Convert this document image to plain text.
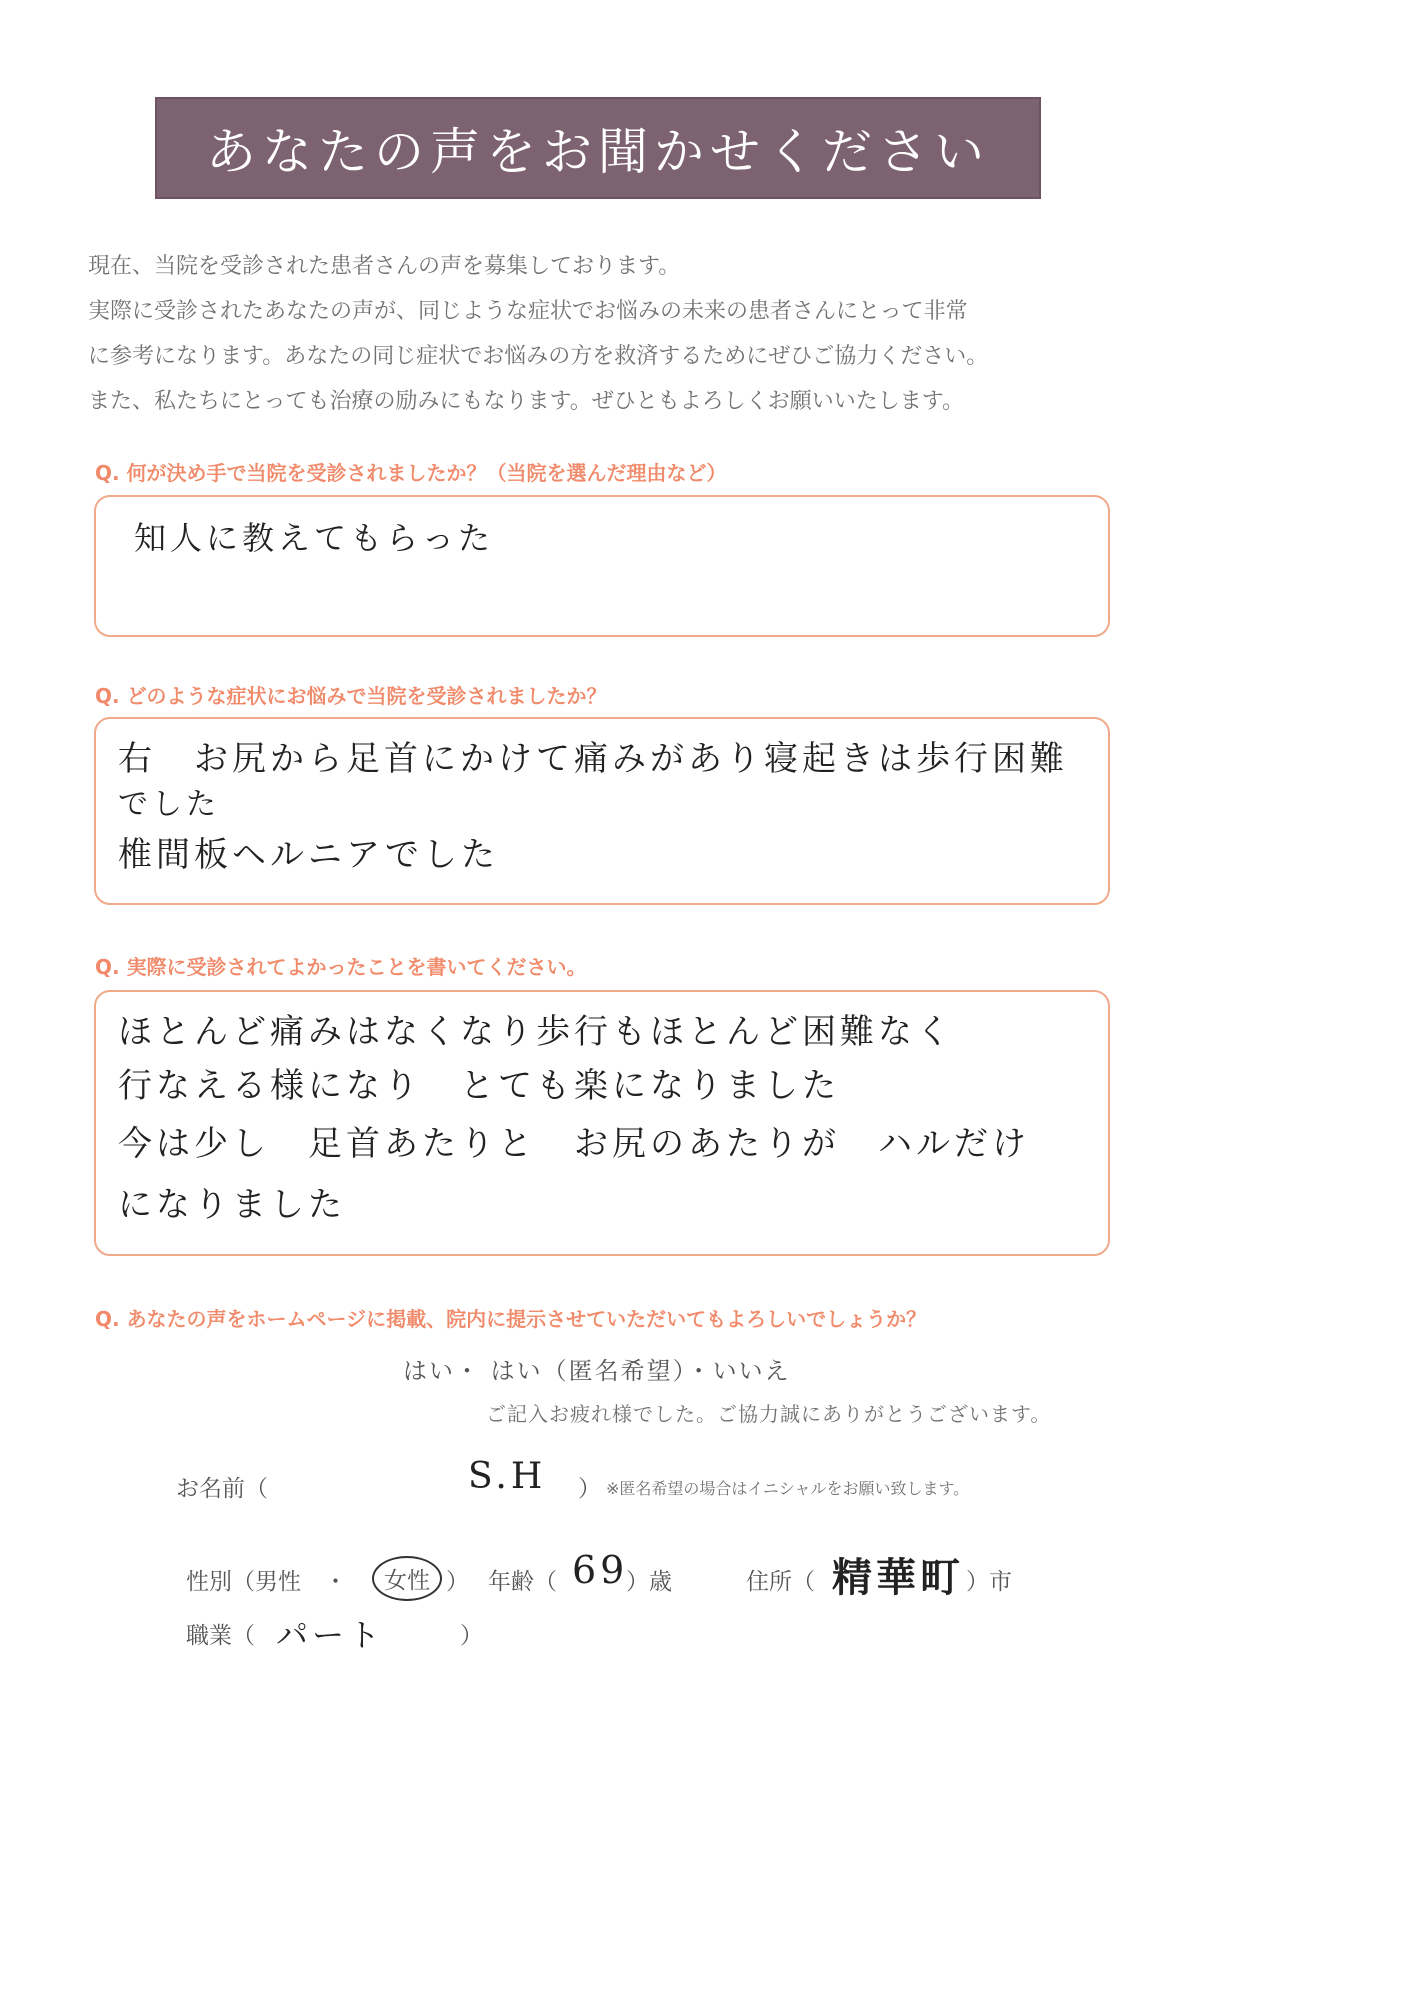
あなたの声をお聞かせください
現在、当院を受診された患者さんの声を募集しております。
実際に受診されたあなたの声が、同じような症状でお悩みの未来の患者さんにとって非常
に参考になります。あなたの同じ症状でお悩みの方を救済するためにぜひご協力ください。
また、私たちにとっても治療の励みにもなります。ぜひともよろしくお願いいたします。
Q. 何が決め手で当院を受診されましたか？（当院を選んだ理由など）
知人に教えてもらった
Q. どのような症状にお悩みで当院を受診されましたか？
右　お尻から足首にかけて痛みがあり寝起きは歩行困難
でした
椎間板ヘルニアでした
Q. 実際に受診されてよかったことを書いてください。
ほとんど痛みはなくなり歩行もほとんど困難なく
行なえる様になり　とても楽になりました
今は少し　足首あたりと　お尻のあたりが　ハルだけ
になりました
Q. あなたの声をホームページに掲載、院内に提示させていただいてもよろしいでしょうか？
はい・ はい（匿名希望）・いいえ
ご記入お疲れ様でした。ご協力誠にありがとうございます。
お名前（	S.H ） ※匿名希望の場合はイニシャルをお願い致します。
性別（男性　・	女性 ） 年齢（ 69
）歳	住所（ 精華町 ）市
職業（ パート	）
